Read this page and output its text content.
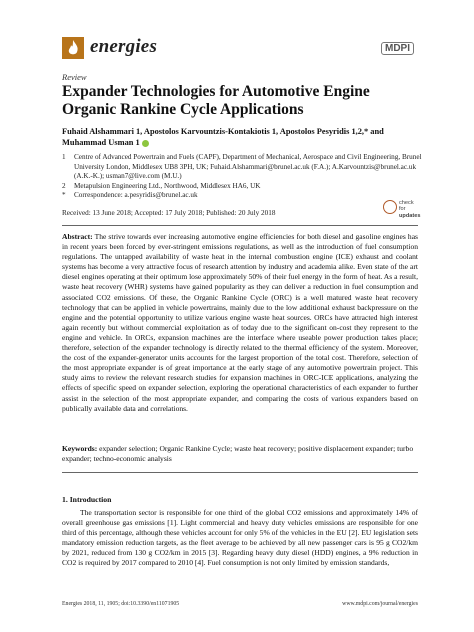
energies	MDPI
Review
Expander Technologies for Automotive Engine Organic Rankine Cycle Applications
Fuhaid Alshammari 1, Apostolos Karvountzis-Kontakiotis 1, Apostolos Pesyridis 1,2,* and
Muhammad Usman 1
1	Centre of Advanced Powertrain and Fuels (CAPF), Department of Mechanical, Aerospace and Civil Engineering, Brunel University London, Middlesex UB8 3PH, UK; Fuhaid.Alshammari@brunel.ac.uk (F.A.); A.Karvountzis@brunel.ac.uk (A.K.-K.); usman7@live.com (M.U.)
2	Metapulsion Engineering Ltd., Northwood, Middlesex HA6, UK
*	Correspondence: a.pesyridis@brunel.ac.uk
check for
updates
Received: 13 June 2018; Accepted: 17 July 2018; Published: 20 July 2018
Abstract: The strive towards ever increasing automotive engine efficiencies for both diesel and gasoline engines has in recent years been forced by ever-stringent emissions regulations, as well as the introduction of fuel consumption regulations. The untapped availability of waste heat in the internal combustion engine (ICE) exhaust and coolant systems has become a very attractive focus of research attention by industry and academia alike. Even state of the art diesel engines operating at their optimum lose approximately 50% of their fuel energy in the form of heat. As a result, waste heat recovery (WHR) systems have gained popularity as they can deliver a reduction in fuel consumption and associated CO2 emissions. Of these, the Organic Rankine Cycle (ORC) is a well matured waste heat recovery technology that can be applied in vehicle powertrains, mainly due to the low additional exhaust backpressure on the engine and the potential opportunity to utilize various engine waste heat sources. ORCs have attracted high interest again recently but without commercial exploitation as of today due to the significant on-cost they represent to the engine and vehicle. In ORCs, expansion machines are the interface where useable power production takes place; therefore, selection of the expander technology is directly related to the thermal efficiency of the system. Moreover, the cost of the expander-generator units accounts for the largest proportion of the total cost. Therefore, selection of the most appropriate expander is of great importance at the early stage of any automotive powertrain project. This study aims to review the relevant research studies for expansion machines in ORC-ICE applications, analyzing the effects of specific speed on expander selection, exploring the operational characteristics of each expander to further assist in the selection of the most appropriate expander, and comparing the costs of various expanders based on publically available data and correlations.
Keywords: expander selection; Organic Rankine Cycle; waste heat recovery; positive displacement expander; turbo expander; techno-economic analysis
1. Introduction

The transportation sector is responsible for one third of the global CO2 emissions and approximately 14% of overall greenhouse gas emissions [1]. Light commercial and heavy duty vehicles emissions are responsible for one third of this percentage, although these vehicles account for only 5% of the vehicles in the EU [2]. EU legislation sets mandatory emission reduction targets, as the fleet average to be achieved by all new passenger cars is 95 g CO2/km by 2021, reduced from 130 g CO2/km in 2015 [3]. Regarding heavy duty diesel (HDD) engines, a 9% reduction in CO2 is required by 2017 compared to 2010 [4]. Fuel consumption is not only limited by emission standards,

Energies 2018, 11, 1905; doi:10.3390/en11071905	www.mdpi.com/journal/energies
